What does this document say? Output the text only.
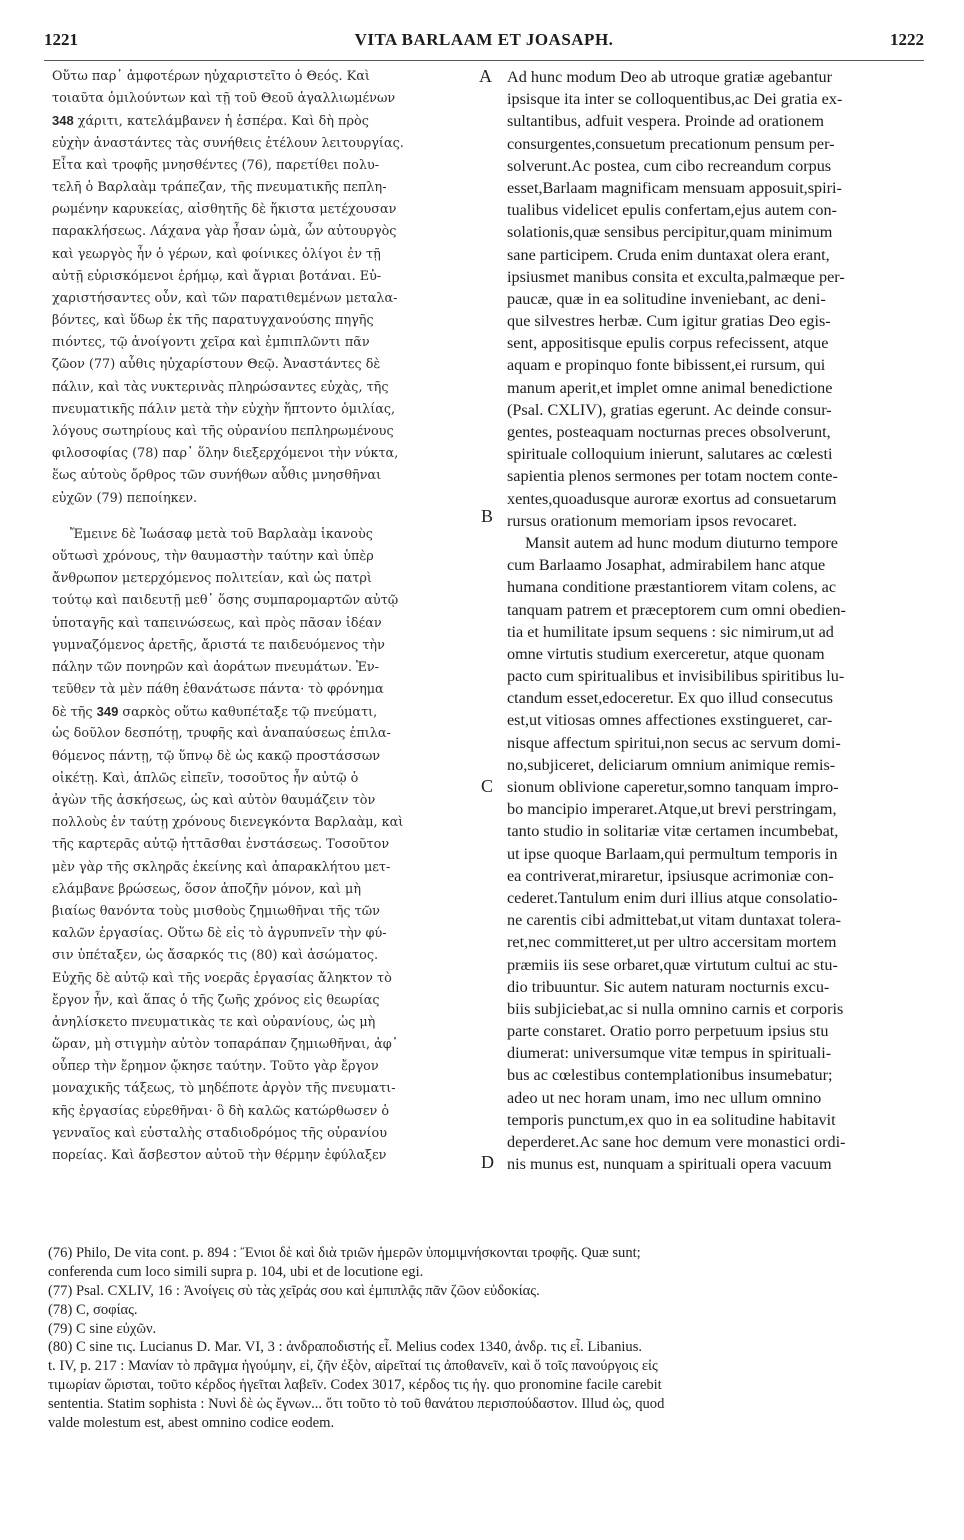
1221	VITA BARLAAM ET JOASAPH.	1222
Οὕτω παρ᾽ ἀμφοτέρων ηὐχαριστεῖτο ὁ Θεός. Καὶ
τοιαῦτα ὁμιλούντων καὶ τῇ τοῦ Θεοῦ ἀγαλλιωμένων
348 χάριτι, κατελάμβανεν ἡ ἑσπέρα. Καὶ δὴ πρὸς
εὐχὴν ἀναστάντες τὰς συνήθεις ἐτέλουν λειτουργίας.
Εἶτα καὶ τροφῆς μνησθέντες (76), παρετίθει πολυ-
τελῆ ὁ Βαρλαὰμ τράπεζαν, τῆς πνευματικῆς πεπλη-
ρωμένην καρυκείας, αἰσθητῆς δὲ ἥκιστα μετέχουσαν
παρακλήσεως. Λάχανα γὰρ ἦσαν ὠμὰ, ὧν αὐτουργὸς
καὶ γεωργὸς ἦν ὁ γέρων, καὶ φοίνικες ὀλίγοι ἐν τῇ
αὐτῇ εὑρισκόμενοι ἐρήμῳ, καὶ ἄγριαι βοτάναι. Εὐ-
χαριστήσαντες οὖν, καὶ τῶν παρατιθεμένων μεταλα-
βόντες, καὶ ὕδωρ ἐκ τῆς παρατυγχανούσης πηγῆς
πιόντες, τῷ ἀνοίγοντι χεῖρα καὶ ἐμπιπλῶντι πᾶν
ζῶον (77) αὖθις ηὐχαρίστουν Θεῷ. Ἀναστάντες δὲ
πάλιν, καὶ τὰς νυκτερινὰς πληρώσαντες εὐχὰς, τῆς
πνευματικῆς πάλιν μετὰ τὴν εὐχὴν ἥπτοντο ὁμιλίας,
λόγους σωτηρίους καὶ τῆς οὐρανίου πεπληρωμένους
φιλοσοφίας (78) παρ᾽ ὅλην διεξερχόμενοι τὴν νύκτα,
ἕως αὐτοὺς ὄρθρος τῶν συνήθων αὖθις μνησθῆναι
εὐχῶν (79) πεποίηκεν.
Ἔμεινε δὲ Ἰωάσαφ μετὰ τοῦ Βαρλαὰμ ἱκανοὺς
οὕτωσὶ χρόνους, τὴν θαυμαστὴν ταύτην καὶ ὑπὲρ
ἄνθρωπον μετερχόμενος πολιτείαν, καὶ ὡς πατρὶ
τούτῳ καὶ παιδευτῇ μεθ᾽ ὅσης συμπαρομαρτῶν αὐτῷ
ὑποταγῆς καὶ ταπεινώσεως, καὶ πρὸς πᾶσαν ἰδέαν
γυμναζόμενος ἀρετῆς, ἄριστά τε παιδευόμενος τὴν
πάλην τῶν πονηρῶν καὶ ἀοράτων πνευμάτων. Ἐν-
τεῦθεν τὰ μὲν πάθη ἐθανάτωσε πάντα· τὸ φρόνημα
δὲ τῆς 349 σαρκὸς οὕτω καθυπέταξε τῷ πνεύματι,
ὡς δοῦλον δεσπότῃ, τρυφῆς καὶ ἀναπαύσεως ἐπιλα-
θόμενος πάντῃ, τῷ ὕπνῳ δὲ ὡς κακῷ προστάσσων
οἰκέτῃ. Καὶ, ἁπλῶς εἰπεῖν, τοσοῦτος ἦν αὐτῷ ὁ
ἀγὼν τῆς ἀσκήσεως, ὡς καὶ αὐτὸν θαυμάζειν τὸν
πολλοὺς ἐν ταύτῃ χρόνους διενεγκόντα Βαρλαὰμ, καὶ
τῆς καρτερᾶς αὐτῷ ἡττᾶσθαι ἐνστάσεως. Τοσοῦτον
μὲν γὰρ τῆς σκληρᾶς ἐκείνης καὶ ἀπαρακλήτου μετ-
ελάμβανε βρώσεως, ὅσον ἀποζῆν μόνον, καὶ μὴ
βιαίως θανόντα τοὺς μισθοὺς ζημιωθῆναι τῆς τῶν
καλῶν ἐργασίας. Οὕτω δὲ εἰς τὸ ἀγρυπνεῖν τὴν φύ-
σιν ὑπέταξεν, ὡς ἄσαρκός τις (80) καὶ ἀσώματος.
Εὐχῆς δὲ αὐτῷ καὶ τῆς νοερᾶς ἐργασίας ἄληκτον τὸ
ἔργον ἦν, καὶ ἅπας ὁ τῆς ζωῆς χρόνος εἰς θεωρίας
ἀνηλίσκετο πνευματικὰς τε καὶ οὐρανίους, ὡς μὴ
ὥραν, μὴ στιγμὴν αὐτὸν τοπαράπαν ζημιωθῆναι, ἀφ᾽
οὗπερ τὴν ἔρημον ᾤκησε ταύτην. Τοῦτο γὰρ ἔργον
μοναχικῆς τάξεως, τὸ μηδέποτε ἀργὸν τῆς πνευματι-
κῆς ἐργασίας εὑρεθῆναι· ὃ δὴ καλῶς κατώρθωσεν ὁ
γενναῖος καὶ εὐσταλὴς σταδιοδρόμος τῆς οὐρανίου
πορείας. Καὶ ἄσβεστον αὐτοῦ τὴν θέρμην ἐφύλαξεν
Ad hunc modum Deo ab utroque gratiæ agebantur
ipsisque ita inter se colloquentibus,ac Dei gratia ex-
sultantibus, adfuit vespera. Proinde ad orationem
consurgentes,consuetum precationum pensum per-
solverunt.Ac postea, cum cibo recreandum corpus
esset,Barlaam magnificam mensuam apposuit,spiri-
tualibus videlicet epulis confertam,ejus autem con-
solationis,quæ sensibus percipitur,quam minimum
sane participem. Cruda enim duntaxat olera erant,
ipsiusmet manibus consita et exculta,palmæque per-
paucæ, quæ in ea solitudine inveniebant, ac deni-
que silvestres herbæ. Cum igitur gratias Deo egis-
sent, appositisque epulis corpus refecissent, atque
aquam e propinquo fonte bibissent,ei rursum, qui
manum aperit,et implet omne animal benedictione
(Psal. CXLIV), gratias egerunt. Ac deinde consur-
gentes, posteaquam nocturnas preces obsolverunt,
spirituale colloquium inierunt, salutares ac cœlesti
sapientia plenos sermones per totam noctem conte-
xentes,quoadusque auroræ exortus ad consuetarum
rursus orationum memoriam ipsos revocaret.
Mansit autem ad hunc modum diuturno tempore
cum Barlaamo Josaphat, admirabilem hanc atque
humana conditione præstantiorem vitam colens, ac
tanquam patrem et præceptorem cum omni obedien-
tia et humilitate ipsum sequens : sic nimirum,ut ad
omne virtutis studium exerceretur, atque quonam
pacto cum spiritualibus et invisibilibus spiritibus lu-
ctandum esset,edoceretur. Ex quo illud consecutus
est,ut vitiosas omnes affectiones exstingueret, car-
nisque affectum spiritui,non secus ac servum domi-
no,subjiceret, deliciarum omnium animique remis-
sionum oblivione caperetur,somno tanquam impro-
bo mancipio imperaret.Atque,ut brevi perstringam,
tanto studio in solitariæ vitæ certamen incumbebat,
ut ipse quoque Barlaam,qui permultum temporis in
ea contriverat,miraretur, ipsiusque acrimoniæ con-
cederet.Tantulum enim duri illius atque consolatio-
ne carentis cibi admittebat,ut vitam duntaxat tolera-
ret,nec committeret,ut per ultro accersitam mortem
præmiis iis sese orbaret,quæ virtutum cultui ac stu-
dio tribuuntur. Sic autem naturam nocturnis excu-
biis subjiciebat,ac si nulla omnino carnis et corporis
parte constaret. Oratio porro perpetuum ipsius stu
diumerat: universumque vitæ tempus in spirituali-
bus ac cœlestibus contemplationibus insumebatur;
adeo ut nec horam unam, imo nec ullum omnino
temporis punctum,ex quo in ea solitudine habitavit
deperderet.Ac sane hoc demum vere monastici ordi-
nis munus est, nunquam a spirituali opera vacuum
A
B
C
D
(76) Philo, De vita cont. p. 894 : Ἔνιοι δὲ καὶ διὰ τριῶν ἡμερῶν ὑπομιμνήσκονται τροφῆς. Quæ sunt;
conferenda cum loco simili supra p. 104, ubi et de locutione egi.
(77) Psal. CXLIV, 16 : Ἀνοίγεις σὺ τὰς χεῖράς σου καὶ ἐμπιπλᾷς πᾶν ζῶον εὐδοκίας.
(78) C, σοφίας.
(79) C sine εὐχῶν.
(80) C sine τις. Lucianus D. Mar. VI, 3 : ἀνδραποδιστής εἶ. Melius codex 1340, ἀνδρ. τις εἶ. Libanius.
t. IV, p. 217 : Μανίαν τὸ πρᾶγμα ἡγούμην, εἰ, ζῆν ἐξὸν, αἱρεῖταί τις ἀποθανεῖν, καὶ ὅ τοῖς πανούργοις εἰς
τιμωρίαν ὥρισται, τοῦτο κέρδος ἡγεῖται λαβεῖν. Codex 3017, κέρδος τις ἡγ. quo pronomine facile carebit
sententia. Statim sophista : Νυνὶ δὲ ὡς ἔγνων... ὅτι τοῦτο τὸ τοῦ θανάτου περισπούδαστον. Illud ὡς, quod
valde molestum est, abest omnino codice eodem.
